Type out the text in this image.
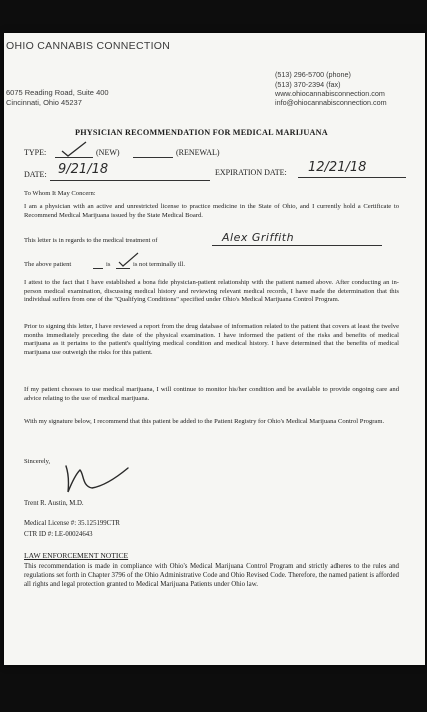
OHIO CANNABIS CONNECTION
6075 Reading Road, Suite 400
Cincinnati, Ohio 45237
(513) 296-5700 (phone)
(513) 370-2394 (fax)
www.ohiocannabisconnection.com
info@ohiocannabisconnection.com
PHYSICIAN RECOMMENDATION FOR MEDICAL MARIJUANA
TYPE:	(NEW)	(RENEWAL)
DATE: 9/21/18	EXPIRATION DATE: 12/21/18
To Whom It May Concern:
I am a physician with an active and unrestricted license to practice medicine in the State of Ohio, and I currently hold a Certificate to Recommend Medical Marijuana issued by the State Medical Board.
This letter is in regards to the medical treatment of	Alex Griffith
The above patient	is	is not terminally ill.
I attest to the fact that I have established a bona fide physician-patient relationship with the patient named above. After conducting an in-person medical examination, discussing medical history and reviewing relevant medical records, I have made the determination that this individual suffers from one of the "Qualifying Conditions" specified under Ohio's Medical Marijuana Control Program.
Prior to signing this letter, I have reviewed a report from the drug database of information related to the patient that covers at least the twelve months immediately preceding the date of the physical examination. I have informed the patient of the risks and benefits of medical marijuana as it pertains to the patient's qualifying medical condition and medical history. I have determined that the benefits of medical marijuana use outweigh the risks for this patient.
If my patient chooses to use medical marijuana, I will continue to monitor his/her condition and be available to provide ongoing care and advice relating to the use of medical marijuana.
With my signature below, I recommend that this patient be added to the Patient Registry for Ohio's Medical Marijuana Control Program.
Sincerely,
Trent R. Austin, M.D.
Medical License #: 35.125199CTR
CTR ID #: LE-00024643
LAW ENFORCEMENT NOTICE
This recommendation is made in compliance with Ohio's Medical Marijuana Control Program and strictly adheres to the rules and regulations set forth in Chapter 3796 of the Ohio Administrative Code and Ohio Revised Code. Therefore, the named patient is afforded all rights and legal protection granted to Medical Marijuana Patients under Ohio law.
